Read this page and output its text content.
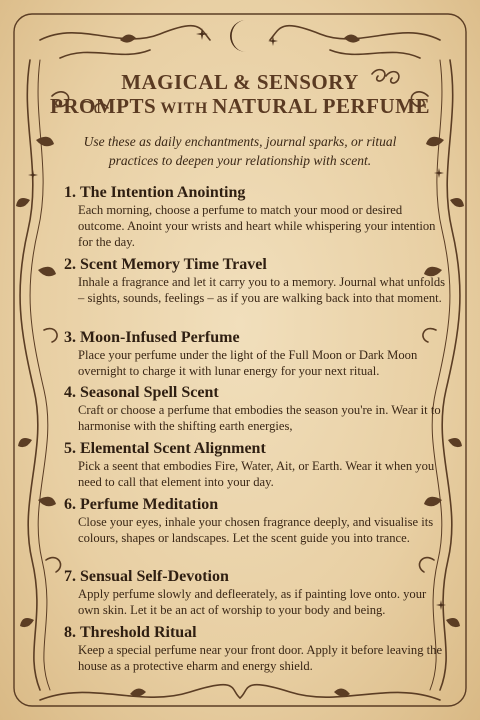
MAGICAL & SENSORY
PROMPTS WITH NATURAL PERFUME
Use these as daily enchantments, journal sparks, or ritual practices to deepen your relationship with scent.
1. The Intention Anointing
Each morning, choose a perfume to match your mood or desired outcome. Anoint your wrists and heart while whispering your intention for the day.
2. Scent Memory Time Travel
Inhale a fragrance and let it carry you to a memory. Journal what unfolds – sights, sounds, feelings – as if you are walking back into that moment.
3. Moon-Infused Perfume
Place your perfume under the light of the Full Moon or Dark Moon overnight to charge it with lunar energy for your next ritual.
4. Seasonal Spell Scent
Craft or choose a perfume that embodies the season you're in. Wear it to harmonise with the shifting earth energies,
5. Elemental Scent Alignment
Pick a seent that embodies Fire, Water, Ait, or Earth. Wear it when you need to call that element into your day.
6. Perfume Meditation
Close your eyes, inhale your chosen fragrance deeply, and visualise its colours, shapes or landscapes. Let the scent guide you into trance.
7. Sensual Self-Devotion
Apply perfume slowly and defleerately, as if painting love onto. your own skin. Let it be an act of worship to your body and being.
8. Threshold Ritual
Keep a special perfume near your front door. Apply it before leaving the house as a protective eharm and energy shield.
